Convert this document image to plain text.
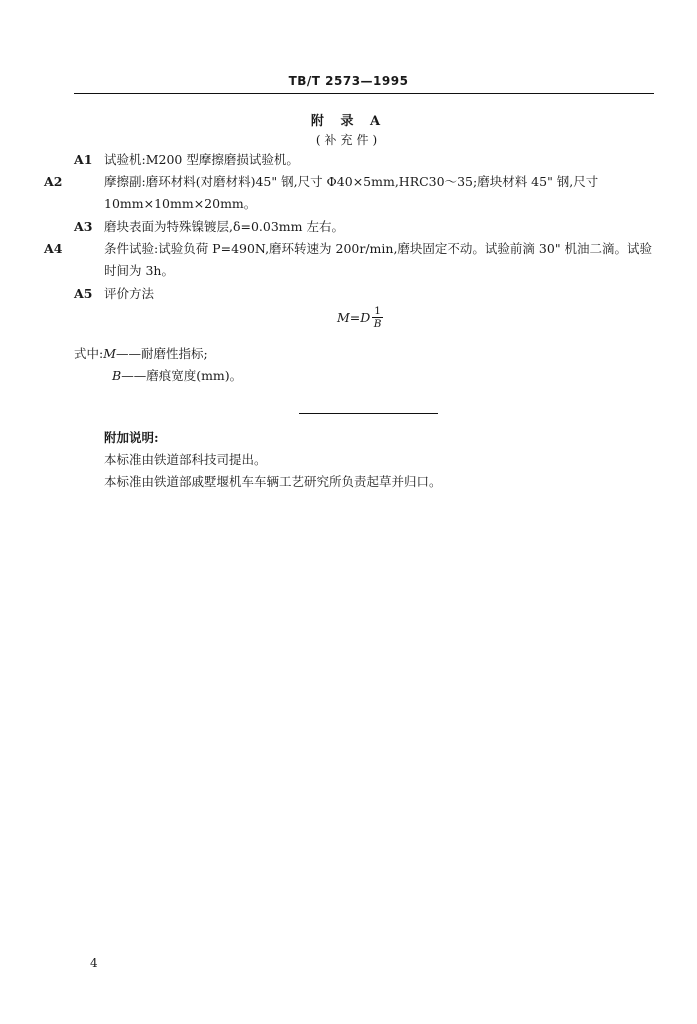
TB/T 2573—1995
附 录 A
(补充件)
A1 试验机:M200 型摩擦磨损试验机。
A2	摩擦副:磨环材料(对磨材料)45" 钢,尺寸 Φ40×5mm,HRC30～35;磨块材料 45" 钢,尺寸 10mm×10mm×20mm。
A3 磨块表面为特殊镍镀层,δ=0.03mm 左右。
A4	条件试验:试验负荷 P=490N,磨环转速为 200r/min,磨块固定不动。试验前滴 30" 机油二滴。试验时间为 3h。
A5 评价方法
$M=D \frac{1}{B}$
式中:M——耐磨性指标;
B——磨痕宽度(mm)。
附加说明:
本标准由铁道部科技司提出。
本标准由铁道部戚墅堰机车车辆工艺研究所负责起草并归口。
4
